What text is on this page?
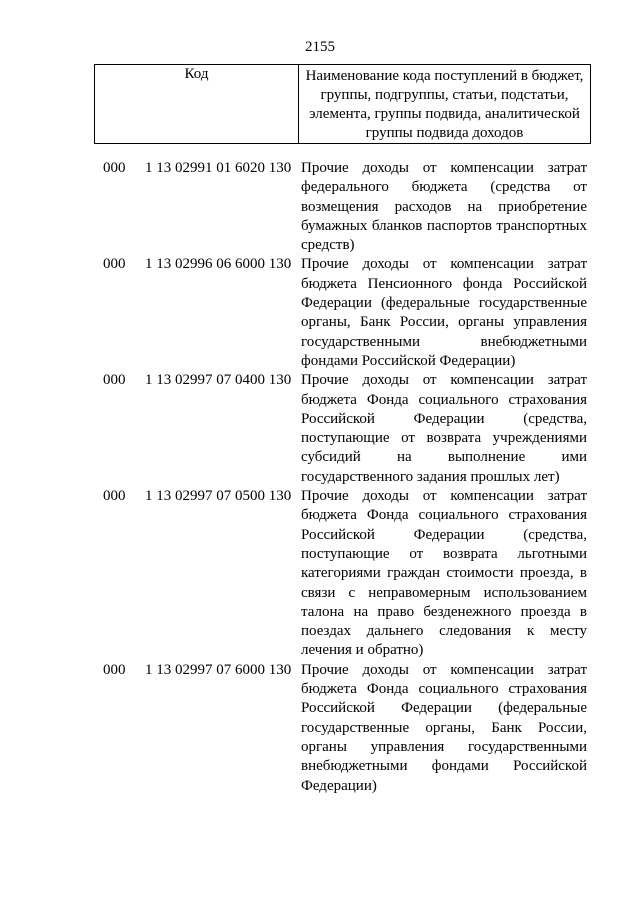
2155
Код	Наименование кода поступлений в бюджет,
группы, подгруппы, статьи, подстатьи,
элемента, группы подвида, аналитической
группы подвида доходов
000 1 13 02991 01 6020 130 Прочие доходы от компенсации затрат
федерального бюджета (средства от
возмещения расходов на приобретение
бумажных бланков паспортов транспортных
средств)
000 1 13 02996 06 6000 130 Прочие доходы от компенсации затрат
бюджета Пенсионного фонда Российской
Федерации (федеральные государственные
органы, Банк России, органы управления
государственными внебюджетными
фондами Российской Федерации)
000 1 13 02997 07 0400 130 Прочие доходы от компенсации затрат
бюджета Фонда социального страхования
Российской Федерации (средства,
поступающие от возврата учреждениями
субсидий на выполнение ими
государственного задания прошлых лет)
000 1 13 02997 07 0500 130 Прочие доходы от компенсации затрат
бюджета Фонда социального страхования
Российской Федерации (средства,
поступающие от возврата льготными
категориями граждан стоимости проезда, в
связи с неправомерным использованием
талона на право безденежного проезда в
поездах дальнего следования к месту
лечения и обратно)
000 1 13 02997 07 6000 130 Прочие доходы от компенсации затрат
бюджета Фонда социального страхования
Российской Федерации (федеральные
государственные органы, Банк России,
органы управления государственными
внебюджетными фондами Российской
Федерации)
